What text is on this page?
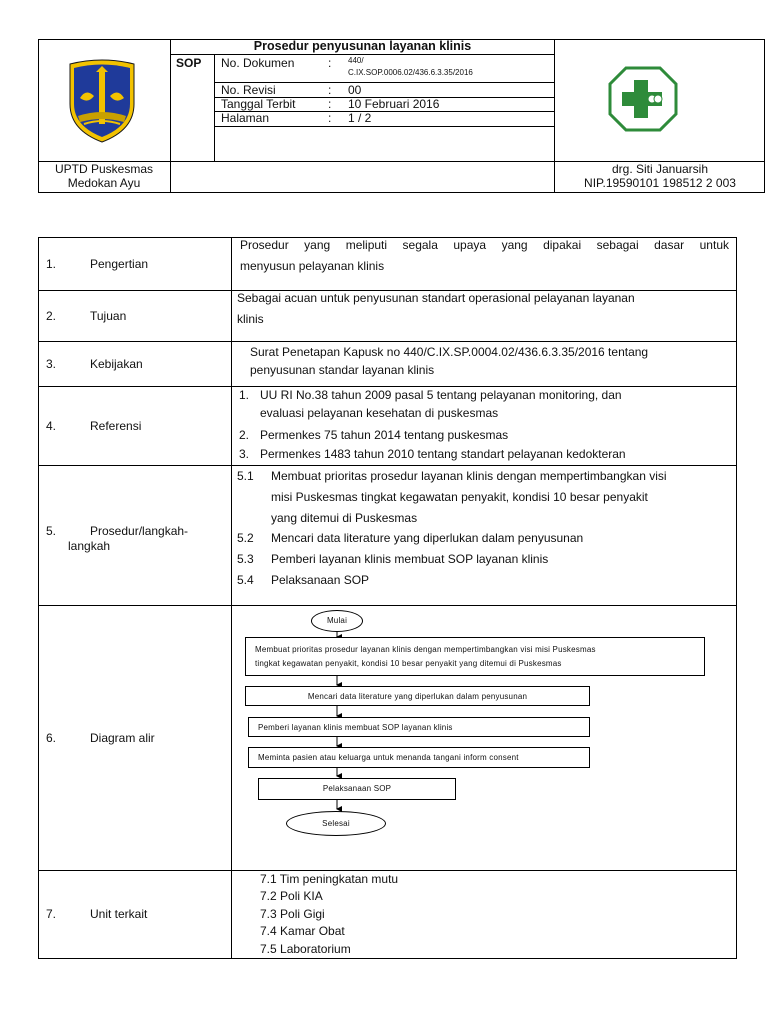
Prosedur penyusunan layanan klinis
SOP No. Dokumen	: 440/
C.IX.SOP.0006.02/436.6.3.35/2016
No. Revisi	: 00
Tanggal Terbit	: 10 Februari 2016
Halaman	: 1 / 2
UPTD Puskesmas
Medokan Ayu
drg. Siti Januarsih
NIP.19590101 198512 2 003
1.	Pengertian
Prosedur yang meliputi segala upaya yang dipakai sebagai dasar untuk
menyusun pelayanan klinis
2.	Tujuan
Sebagai acuan untuk penyusunan standart operasional pelayanan layanan
klinis
3.	Kebijakan
Surat Penetapan Kapusk no 440/C.IX.SP.0004.02/436.6.3.35/2016 tentang
penyusunan standar layanan klinis
4.	Referensi
1. UU RI No.38 tahun 2009 pasal 5 tentang pelayanan monitoring, dan
evaluasi pelayanan kesehatan di puskesmas
2. Permenkes 75 tahun 2014 tentang puskesmas
3. Permenkes 1483 tahun 2010 tentang standart pelayanan kedokteran
5.	Prosedur/langkah-
langkah
5.1 Membuat prioritas prosedur layanan klinis dengan mempertimbangkan visi
misi Puskesmas tingkat kegawatan penyakit, kondisi 10 besar penyakit
yang ditemui di Puskesmas
5.2 Mencari data literature yang diperlukan dalam penyusunan
5.3 Pemberi layanan klinis membuat SOP layanan klinis
5.4 Pelaksanaan SOP
6.	Diagram alir
Mulai
Membuat prioritas prosedur layanan klinis dengan mempertimbangkan visi misi Puskesmas
tingkat kegawatan penyakit, kondisi 10 besar penyakit yang ditemui di Puskesmas
Mencari data literature yang diperlukan dalam penyusunan
Pemberi layanan klinis membuat SOP layanan klinis
Meminta pasien atau keluarga untuk menanda tangani inform consent
Pelaksanaan SOP
Selesai
7.	Unit terkait
7.1 Tim peningkatan mutu
7.2 Poli KIA
7.3 Poli Gigi
7.4 Kamar Obat
7.5 Laboratorium
